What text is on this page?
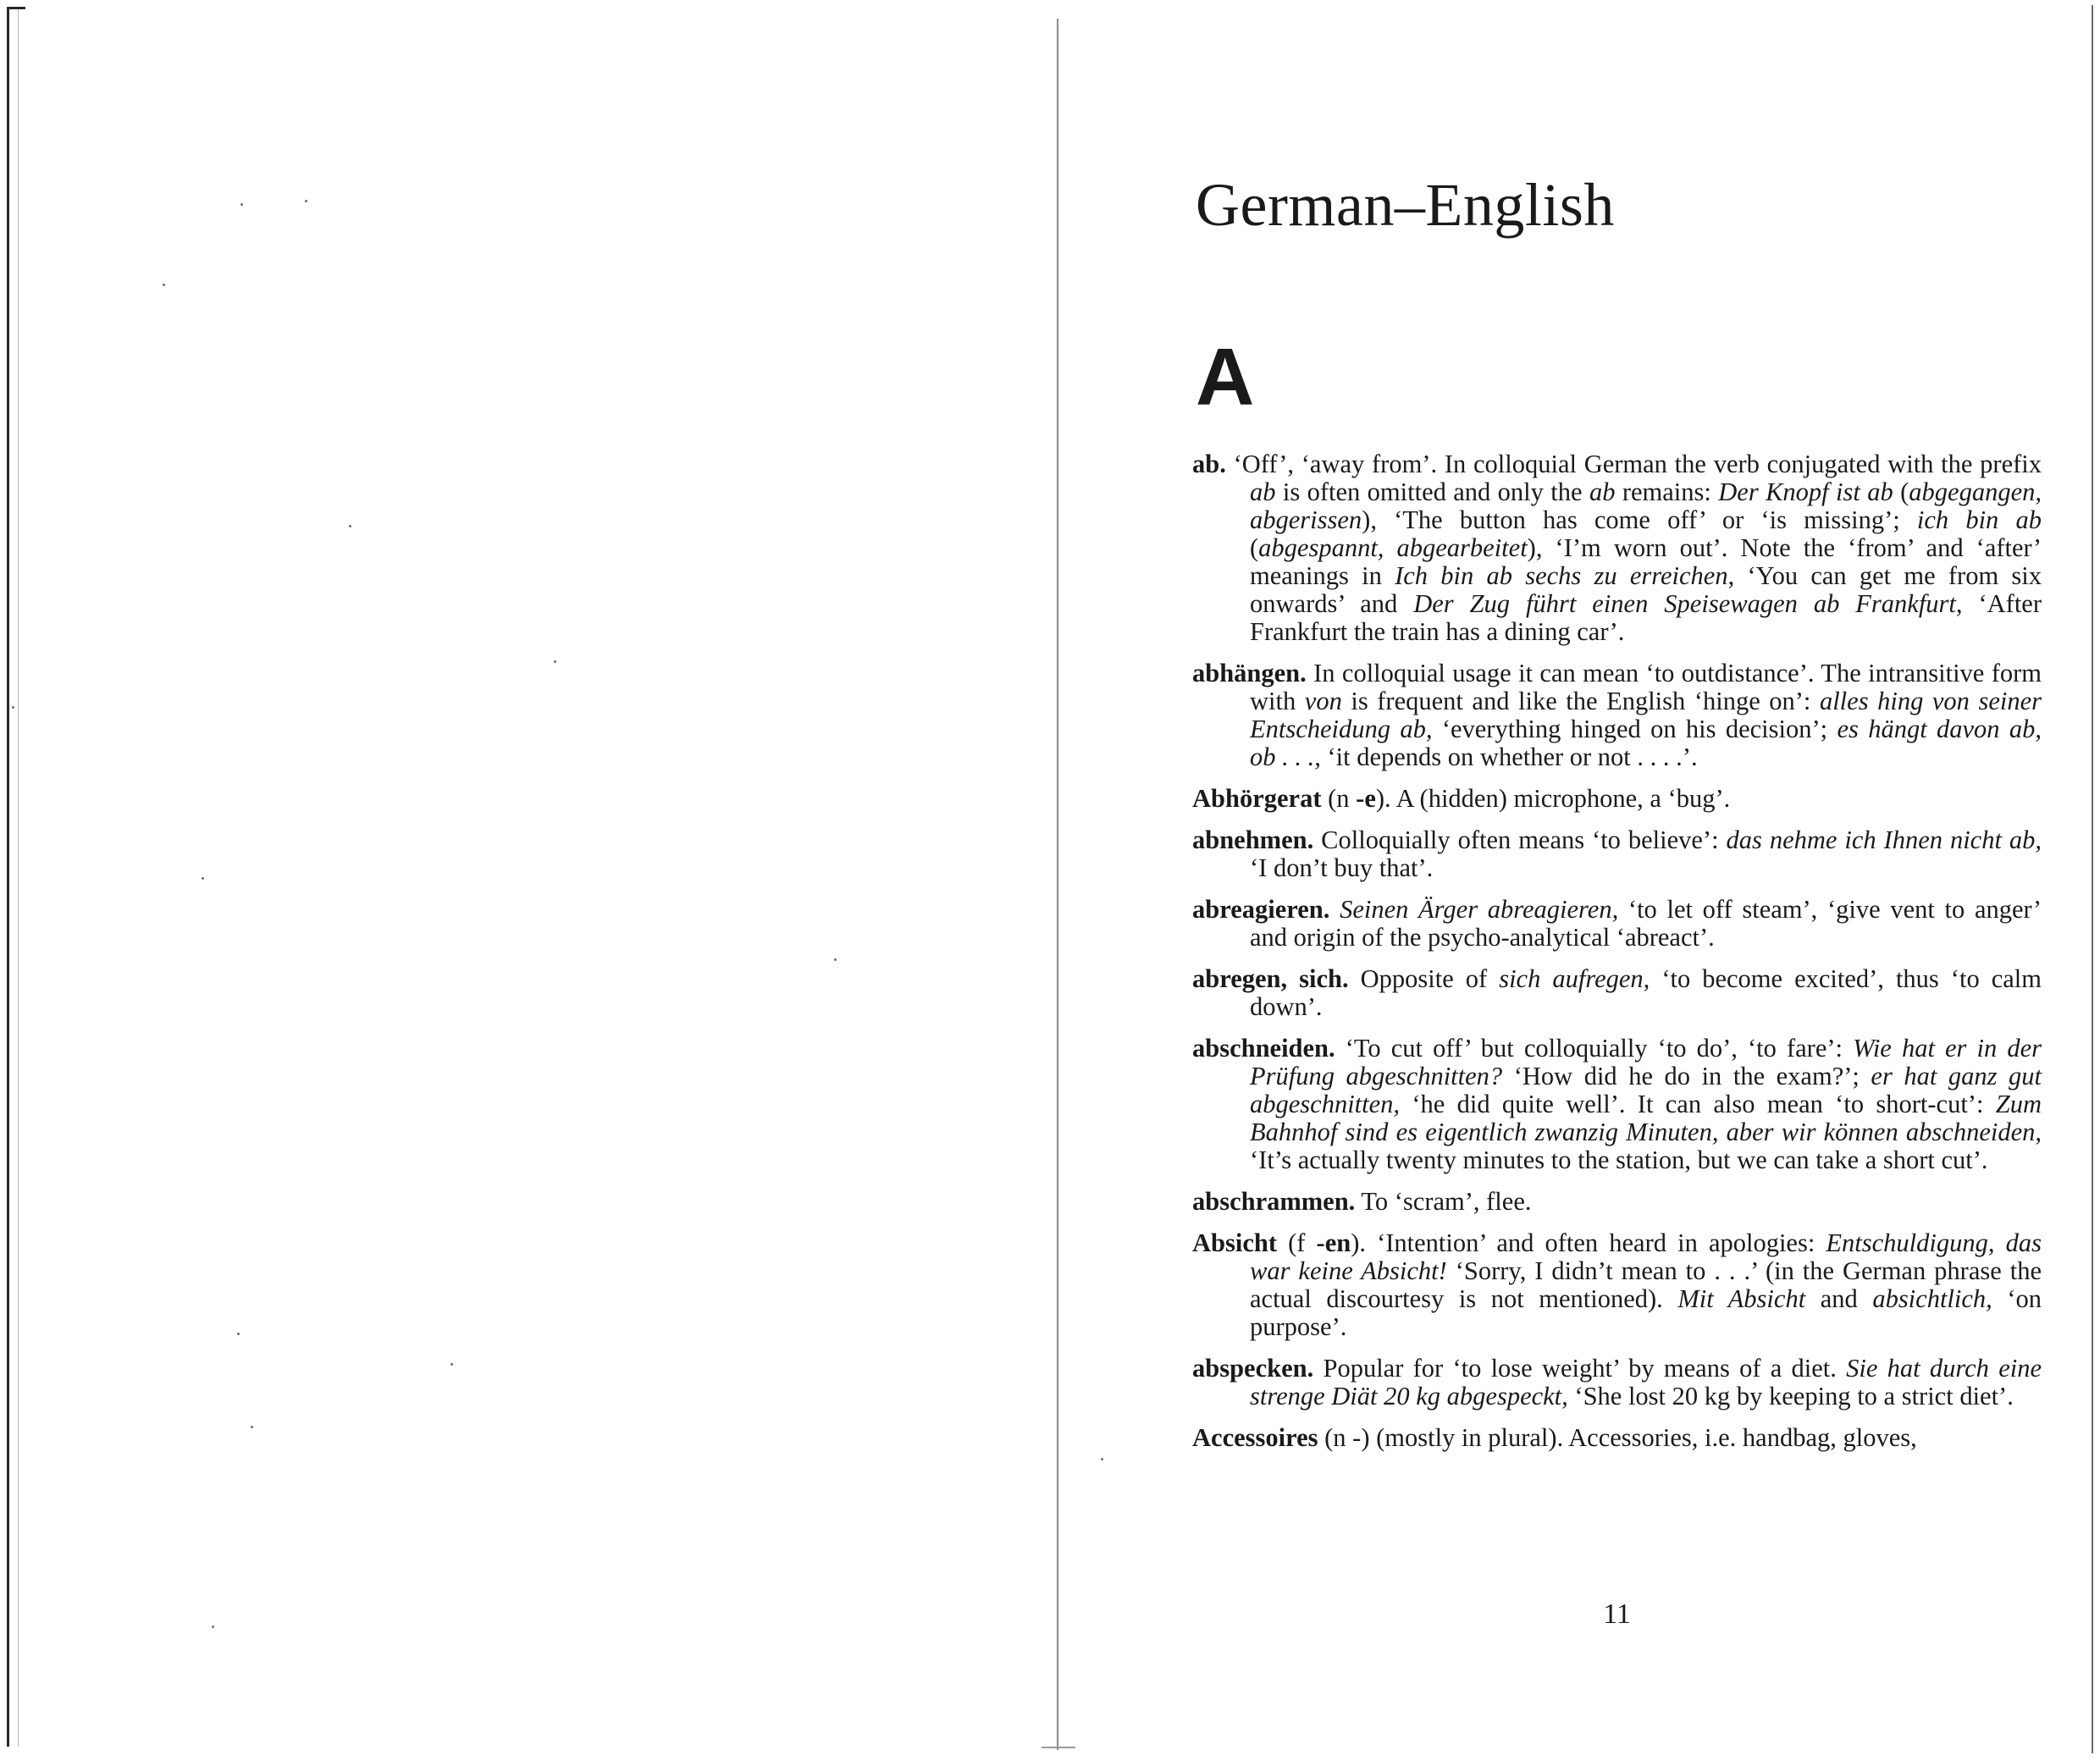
German–English
A

ab. ‘Off’, ‘away from’. In colloquial German the verb conjugated with the prefix ab is often omitted and only the ab remains: Der Knopf ist ab (abgegangen, abgerissen), ‘The button has come off’ or ‘is missing’; ich bin ab (abgespannt, abgearbeitet), ‘I’m worn out’. Note the ‘from’ and ‘after’ meanings in Ich bin ab sechs zu erreichen, ‘You can get me from six onwards’ and Der Zug führt einen Speisewagen ab Frankfurt, ‘After Frankfurt the train has a dining car’.

abhängen. In colloquial usage it can mean ‘to outdistance’. The intransitive form with von is frequent and like the English ‘hinge on’: alles hing von seiner Entscheidung ab, ‘everything hinged on his decision’; es hängt davon ab, ob . . ., ‘it depends on whether or not . . . .’.

Abhörgerat (n -e). A (hidden) microphone, a ‘bug’.

abnehmen. Colloquially often means ‘to believe’: das nehme ich Ihnen nicht ab, ‘I don’t buy that’.

abreagieren. Seinen Ärger abreagieren, ‘to let off steam’, ‘give vent to anger’ and origin of the psycho-analytical ‘abreact’.

abregen, sich. Opposite of sich aufregen, ‘to become excited’, thus ‘to calm down’.

abschneiden. ‘To cut off’ but colloquially ‘to do’, ‘to fare’: Wie hat er in der Prüfung abgeschnitten? ‘How did he do in the exam?’; er hat ganz gut abgeschnitten, ‘he did quite well’. It can also mean ‘to short-cut’: Zum Bahnhof sind es eigentlich zwanzig Minuten, aber wir können abschneiden, ‘It’s actually twenty minutes to the station, but we can take a short cut’.

abschrammen. To ‘scram’, flee.

Absicht (f -en). ‘Intention’ and often heard in apologies: Entschuldigung, das war keine Absicht! ‘Sorry, I didn’t mean to . . .’ (in the German phrase the actual discourtesy is not mentioned). Mit Absicht and absichtlich, ‘on purpose’.

abspecken. Popular for ‘to lose weight’ by means of a diet. Sie hat durch eine strenge Diät 20 kg abgespeckt, ‘She lost 20 kg by keeping to a strict diet’.

Accessoires (n -) (mostly in plural). Accessories, i.e. handbag, gloves,

11
